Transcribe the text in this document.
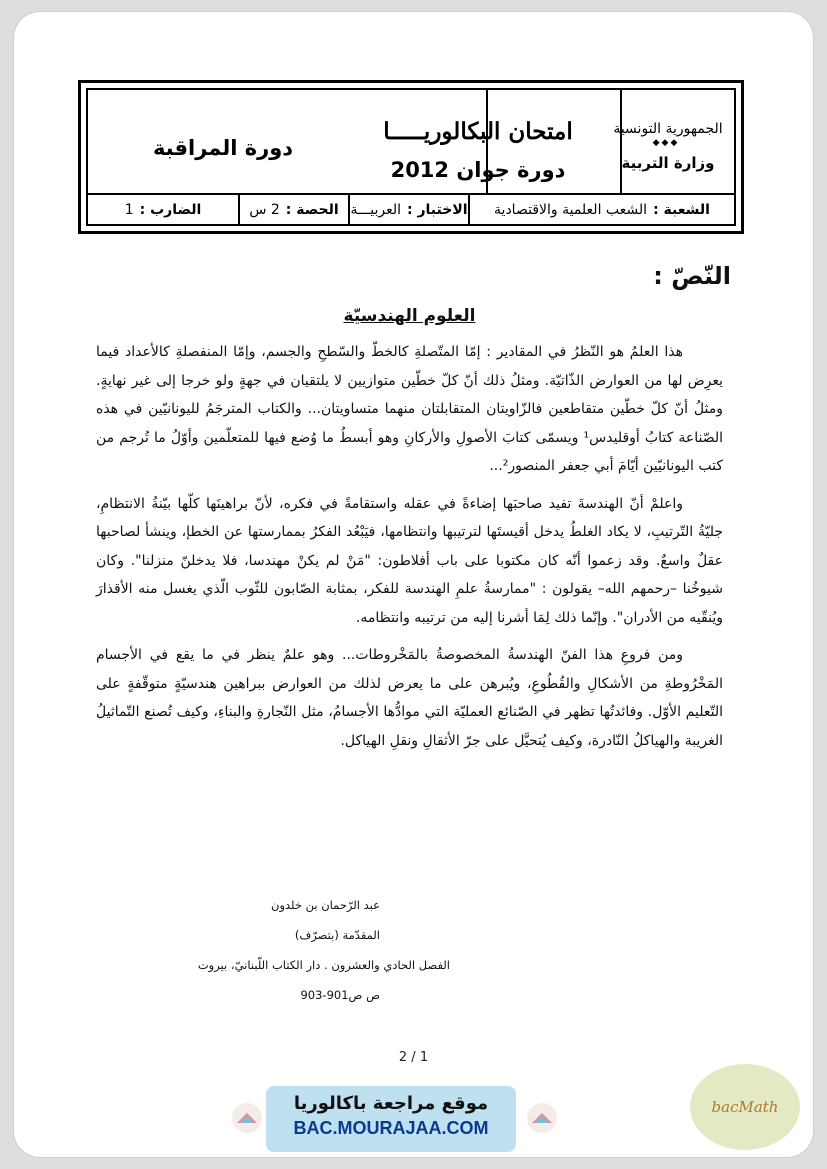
الجمهورية التونسية
◆◆◆
وزارة التربية
امتحان البكالوريـــــا
دورة جوان 2012
دورة المراقبة
الشعبة :
الشعب العلمية والاقتصادية
الاختبار :
العربيـــة
الحصة :
2 س
الضارب :
1
النّصّ :
العلوم الهندسيّة

هذا العلمُ هو النّظرُ في المقادير : إمّا المتّصلةِ كالخطّ والسّطحِ والجسم، وإمّا المنفصلةِ كالأعداد فيما يعرِض لها من العوارض الذّاتيّة. ومثلُ ذلك أنّ كلّ خطّين متوازيين لا يلتقيان في جهةٍ ولو خرجا إلى غير نهايةٍ. ومثلُ أنّ كلّ خطّين متقاطعين فالزّاويتان المتقابلتان منهما متساويتان... والكتاب المترجَمُ لليونانيّين في هذه الصّناعة كتابُ أوقليدس¹ ويسمّى كتابَ الأصولِ والأركانِ وهو أبسطُ ما وُضع فيها للمتعلّمين وأوّلُ ما تُرجم من كتب اليونانيّين أيّامَ أبي جعفر المنصور²...

واعلمْ أنّ الهندسةَ تفيد صاحبَها إضاءةً في عقله واستقامةً في فكره، لأنّ براهينَها كلّها بيّنةُ الانتظامِ، جليّةُ التّرتيبِ، لا يكاد الغلطُ يدخل أقيستَها لترتيبها وانتظامها، فيَبْعُد الفكرُ بممارستها عن الخطإ، وينشأ لصاحبها عقلٌ واسعٌ. وقد زعموا أنّه كان مكتوبا على باب أفلاطون: "مَنْ لم يكنْ مهندسا، فلا يدخلنّ منزلنا". وكان شيوخُنا –رحمهم الله– يقولون : "ممارسةُ علمِ الهندسة للفكر، بمثابة الصّابون للثّوب الّذي يغسل منه الأقذارَ ويُنقّيه من الأدران". وإنّما ذلك لِمَا أشرنا إليه من ترتيبه وانتظامه.

ومن فروعِ هذا الفنّ الهندسةُ المخصوصةُ بالمَخْروطات... وهو علمٌ ينظر في ما يقع في الأجسام المَخْرُوطةِ من الأشكالِ والقُطُوعِ، ويُبرهن على ما يعرض لذلك من العوارض ببراهين هندسيّةٍ متوقّفةٍ على التّعليم الأوّل. وفائدتُها تظهر في الصّنائع العمليّة التي موادُّها الأجسامُ، مثل النّجارةِ والبناءِ، وكيف تُصنع التّماثيلُ الغريبة والهياكلُ النّادرة، وكيف يُتحيَّل على جرّ الأثقالِ ونقلِ الهياكل.

عبد الرّحمان بن خلدون
المقدّمة (بتصرّف)
الفصل الحادي والعشرون . دار الكتاب اللّبنانيّ، بيروت
ص ص901-903
2 / 1
موقع مراجعة باكالوريا
BAC.MOURAJAA.COM
bacMath
